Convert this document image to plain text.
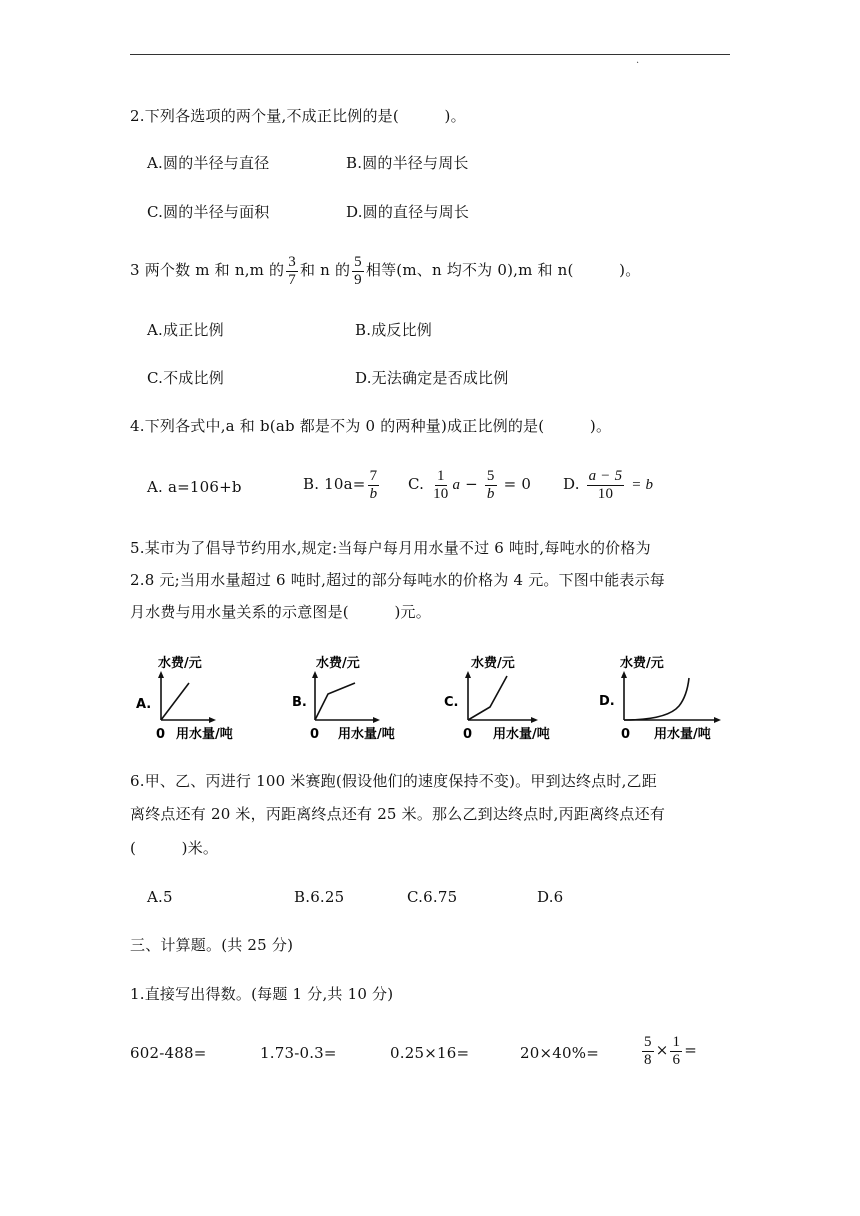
·
2.下列各选项的两个量,不成正比例的是(　　　)。
A.圆的半径与直径	B.圆的半径与周长
C.圆的半径与面积	D.圆的直径与周长
3 两个数 m 和 n,m 的 $\frac{3}{7}$ 和 n 的 $\frac{5}{9}$ 相等(m、n 均不为 0),m 和 n(　　　)。
A.成正比例	B.成反比例
C.不成比例	D.无法确定是否成比例
4.下列各式中,a 和 b(ab 都是不为 0 的两种量)成正比例的是(　　　)。
A. a=106+b	B. $10a= \frac{7}{b} C$. $\frac{1}{10}$ $a - \frac{5}{b} = 0$ D. $\frac{a - 5}{10} = b$
5.某市为了倡导节约用水,规定:当每户每月用水量不过 6 吨时,每吨水的价格为
2.8 元;当用水量超过 6 吨时,超过的部分每吨水的价格为 4 元。下图中能表示每
月水费与用水量关系的示意图是(　　　)元。
水费/元
A.
0 用水量/吨
水费/元
B.
0 用水量/吨
水费/元
C.
0 用水量/吨
水费/元
D.
0 用水量/吨
6.甲、乙、丙进行 100 米赛跑(假设他们的速度保持不变)。甲到达终点时,乙距
离终点还有 20 米，丙距离终点还有 25 米。那么乙到达终点时,丙距离终点还有
(　　　)米。
A.5	B.6.25	C.6.75	D.6
三、计算题。(共 25 分)
1.直接写出得数。(每题 1 分,共 10 分)
602-488=	1.73-0.3=	0.25×16=	20×40%=	$\frac{5}{8} \times \frac{1}{6}$ =
